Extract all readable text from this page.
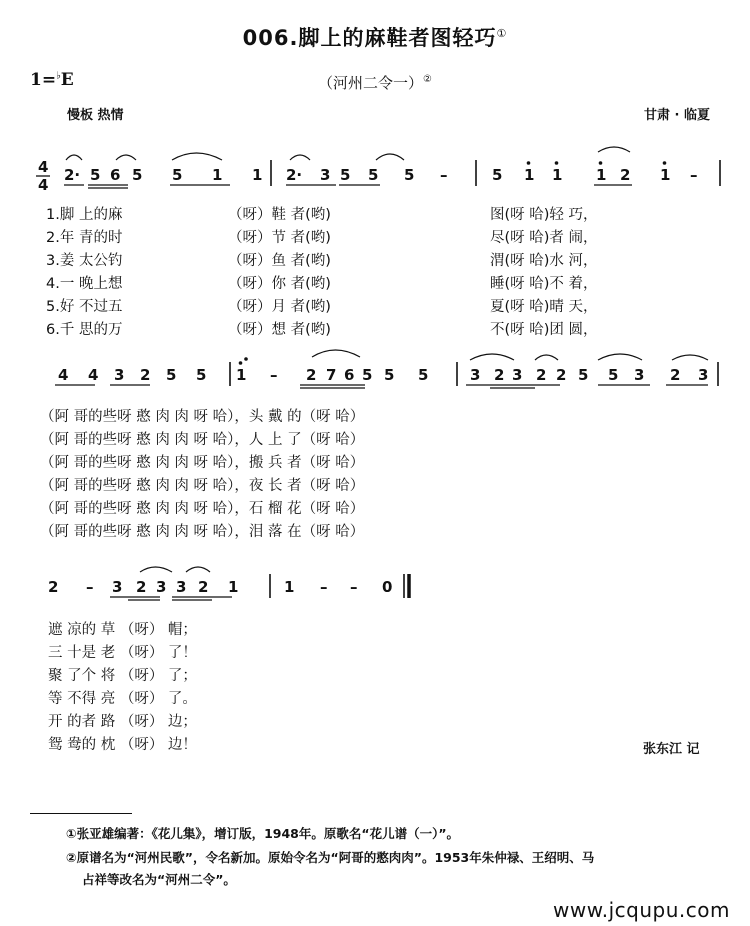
006.脚上的麻鞋者图轻巧①
1=♭E	（河州二令一）②
慢板 热情	甘肃 · 临夏
4
4
2· 5 6 5 5 1 1 2· 3 5 5 5 –	5 1 1 1 2 1 –
4 4 3 2 5 5 1 – 2 7 6 5 5 5	3 2 3 2 2 5 5 3 2 3
2 – 3 2 3 3 2 1	1 – – 0
1.脚 上的麻	（呀）鞋 者(哟)	图(呀 哈)轻 巧，
2.年 青的时	（呀）节 者(哟)	尽(呀 哈)者 闹，
3.姜 太公钓	（呀）鱼 者(哟)	渭(呀 哈)水 河，
4.一 晚上想	（呀）你 者(哟)	睡(呀 哈)不 着，
5.好 不过五	（呀）月 者(哟)	夏(呀 哈)晴 天，
6.千 思的万	（呀）想 者(哟)	不(呀 哈)团 圆，
（阿 哥的些呀 憨 肉 肉 呀 哈），头 戴 的（呀 哈）
（阿 哥的些呀 憨 肉 肉 呀 哈），人 上 了（呀 哈）
（阿 哥的些呀 憨 肉 肉 呀 哈），搬 兵 者（呀 哈）
（阿 哥的些呀 憨 肉 肉 呀 哈），夜 长 者（呀 哈）
（阿 哥的些呀 憨 肉 肉 呀 哈），石 榴 花（呀 哈）
（阿 哥的些呀 憨 肉 肉 呀 哈），泪 落 在（呀 哈）
遮 凉的 草 （呀） 帽；
三 十是 老 （呀） 了！
聚 了个 将 （呀） 了；
等 不得 亮 （呀） 了。
开 的者 路 （呀） 边；
鸳 鸯的 枕 （呀） 边！	张东江 记
①张亚雄编著：《花儿集》，增订版，1948年。原歌名“花儿谱（一）”。
②原谱名为“河州民歌”，令名新加。原始令名为“阿哥的憨肉肉”。1953年朱仲禄、王绍明、马
占祥等改名为“河州二令”。
www.jcqupu.com
